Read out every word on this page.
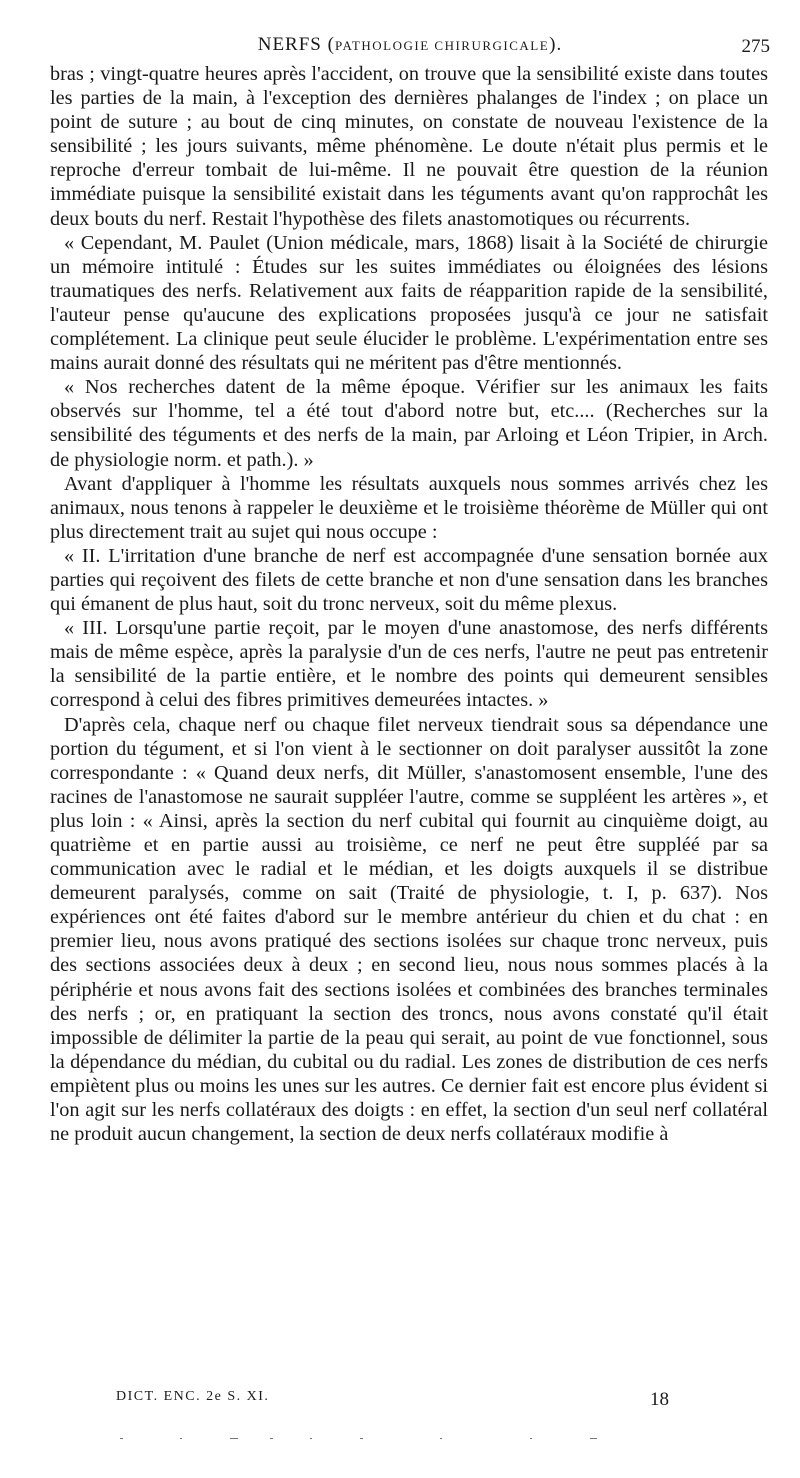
NERFS (PATHOLOGIE CHIRURGICALE).	275

bras ; vingt-quatre heures après l'accident, on trouve que la sensibilité existe dans toutes les parties de la main, à l'exception des dernières phalanges de l'index ; on place un point de suture ; au bout de cinq minutes, on constate de nouveau l'existence de la sensibilité ; les jours suivants, même phénomène. Le doute n'était plus permis et le reproche d'erreur tombait de lui-même. Il ne pouvait être question de la réunion immédiate puisque la sensibilité existait dans les téguments avant qu'on rapprochât les deux bouts du nerf. Restait l'hypothèse des filets anastomotiques ou récurrents.

« Cependant, M. Paulet (Union médicale, mars, 1868) lisait à la Société de chirurgie un mémoire intitulé : Études sur les suites immédiates ou éloignées des lésions traumatiques des nerfs. Relativement aux faits de réapparition rapide de la sensibilité, l'auteur pense qu'aucune des explications proposées jusqu'à ce jour ne satisfait complétement. La clinique peut seule élucider le problème. L'expérimentation entre ses mains aurait donné des résultats qui ne méritent pas d'être mentionnés.

« Nos recherches datent de la même époque. Vérifier sur les animaux les faits observés sur l'homme, tel a été tout d'abord notre but, etc.... (Recherches sur la sensibilité des téguments et des nerfs de la main, par Arloing et Léon Tripier, in Arch. de physiologie norm. et path.). »

Avant d'appliquer à l'homme les résultats auxquels nous sommes arrivés chez les animaux, nous tenons à rappeler le deuxième et le troisième théorème de Müller qui ont plus directement trait au sujet qui nous occupe :

« II. L'irritation d'une branche de nerf est accompagnée d'une sensation bornée aux parties qui reçoivent des filets de cette branche et non d'une sensation dans les branches qui émanent de plus haut, soit du tronc nerveux, soit du même plexus.

« III. Lorsqu'une partie reçoit, par le moyen d'une anastomose, des nerfs différents mais de même espèce, après la paralysie d'un de ces nerfs, l'autre ne peut pas entretenir la sensibilité de la partie entière, et le nombre des points qui demeurent sensibles correspond à celui des fibres primitives demeurées intactes. »

D'après cela, chaque nerf ou chaque filet nerveux tiendrait sous sa dépendance une portion du tégument, et si l'on vient à le sectionner on doit paralyser aussitôt la zone correspondante : « Quand deux nerfs, dit Müller, s'anastomosent ensemble, l'une des racines de l'anastomose ne saurait suppléer l'autre, comme se suppléent les artères », et plus loin : « Ainsi, après la section du nerf cubital qui fournit au cinquième doigt, au quatrième et en partie aussi au troisième, ce nerf ne peut être suppléé par sa communication avec le radial et le médian, et les doigts auxquels il se distribue demeurent paralysés, comme on sait (Traité de physiologie, t. I, p. 637). Nos expériences ont été faites d'abord sur le membre antérieur du chien et du chat : en premier lieu, nous avons pratiqué des sections isolées sur chaque tronc nerveux, puis des sections associées deux à deux ; en second lieu, nous nous sommes placés à la périphérie et nous avons fait des sections isolées et combinées des branches terminales des nerfs ; or, en pratiquant la section des troncs, nous avons constaté qu'il était impossible de délimiter la partie de la peau qui serait, au point de vue fonctionnel, sous la dépendance du médian, du cubital ou du radial. Les zones de distribution de ces nerfs empiètent plus ou moins les unes sur les autres. Ce dernier fait est encore plus évident si l'on agit sur les nerfs collatéraux des doigts : en effet, la section d'un seul nerf collatéral ne produit aucun changement, la section de deux nerfs collatéraux modifie à

DICT. ENC. 2e S. XI.	18
